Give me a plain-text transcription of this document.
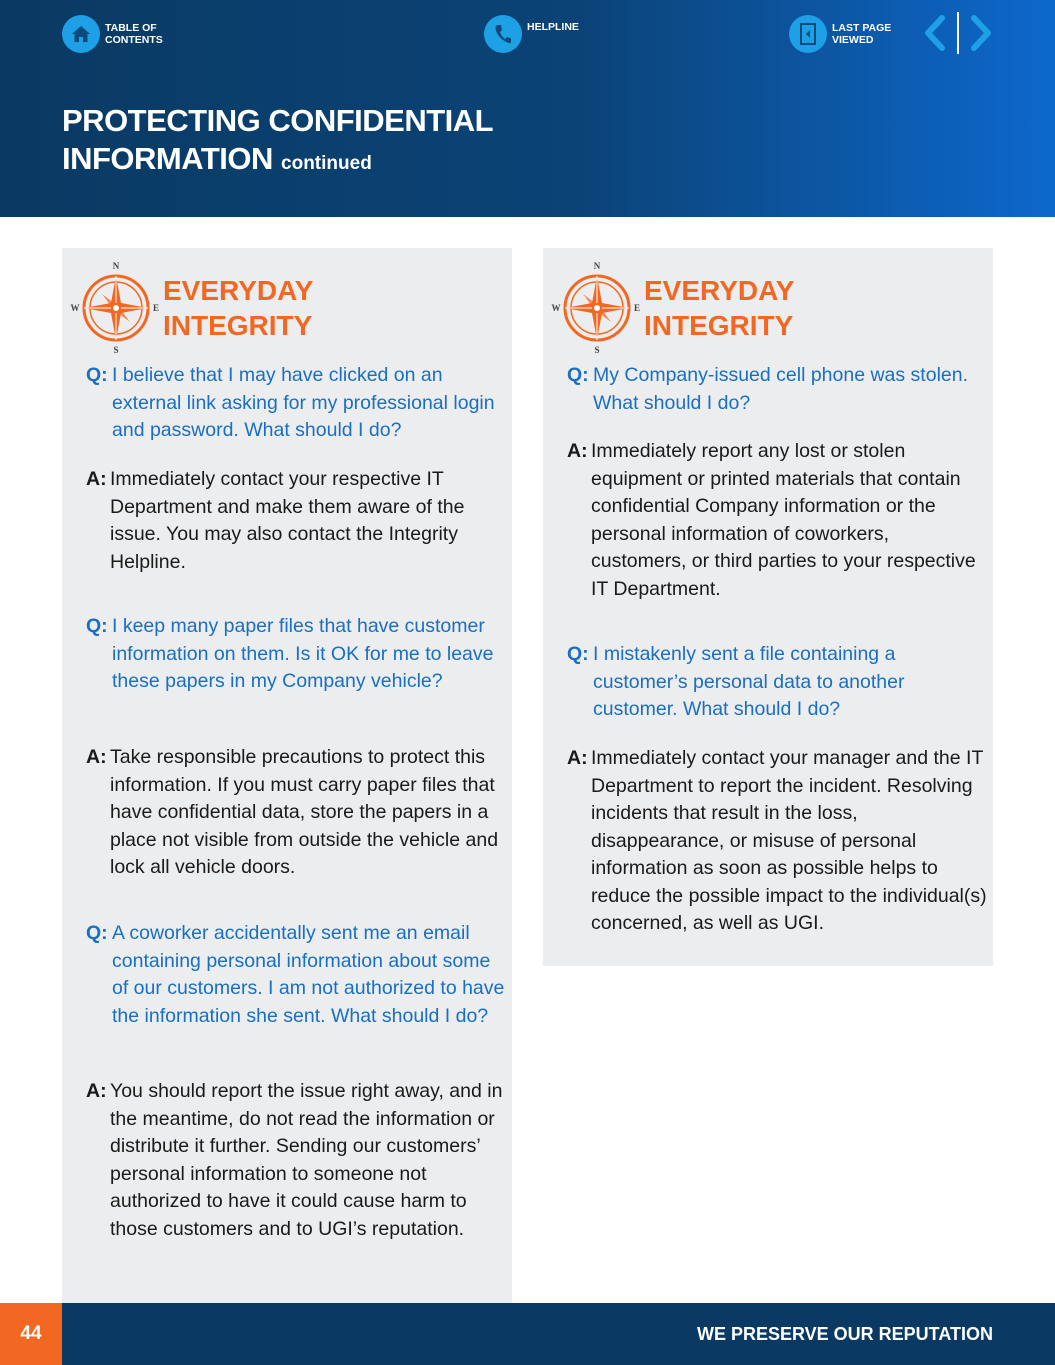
TABLE OF
CONTENTS
HELPLINE	LAST PAGE
VIEWED
PROTECTING CONFIDENTIAL
INFORMATION continued
N
S
E
W
EVERYDAY
INTEGRITY

Q: I believe that I may have clicked on an external link asking for my professional login and password. What should I do?

A: Immediately contact your respective IT Department and make them aware of the issue. You may also contact the Integrity Helpline.

Q: I keep many paper files that have customer information on them. Is it OK for me to leave these papers in my Company vehicle?

A: Take responsible precautions to protect this information. If you must carry paper files that have confidential data, store the papers in a place not visible from outside the vehicle and lock all vehicle doors.

Q: A coworker accidentally sent me an email containing personal information about some of our customers. I am not authorized to have the information she sent. What should I do?

A: You should report the issue right away, and in the meantime, do not read the information or distribute it further. Sending our customers’ personal information to someone not authorized to have it could cause harm to those customers and to UGI’s reputation.

N
S
E
W
EVERYDAY
INTEGRITY

Q: My Company-issued cell phone was stolen. What should I do?

A: Immediately report any lost or stolen equipment or printed materials that contain confidential Company information or the personal information of coworkers, customers, or third parties to your respective IT Department.

Q: I mistakenly sent a file containing a customer’s personal data to another customer. What should I do?

A: Immediately contact your manager and the IT Department to report the incident. Resolving incidents that result in the loss, disappearance, or misuse of personal information as soon as possible helps to reduce the possible impact to the individual(s) concerned, as well as UGI.

44	WE PRESERVE OUR REPUTATION
